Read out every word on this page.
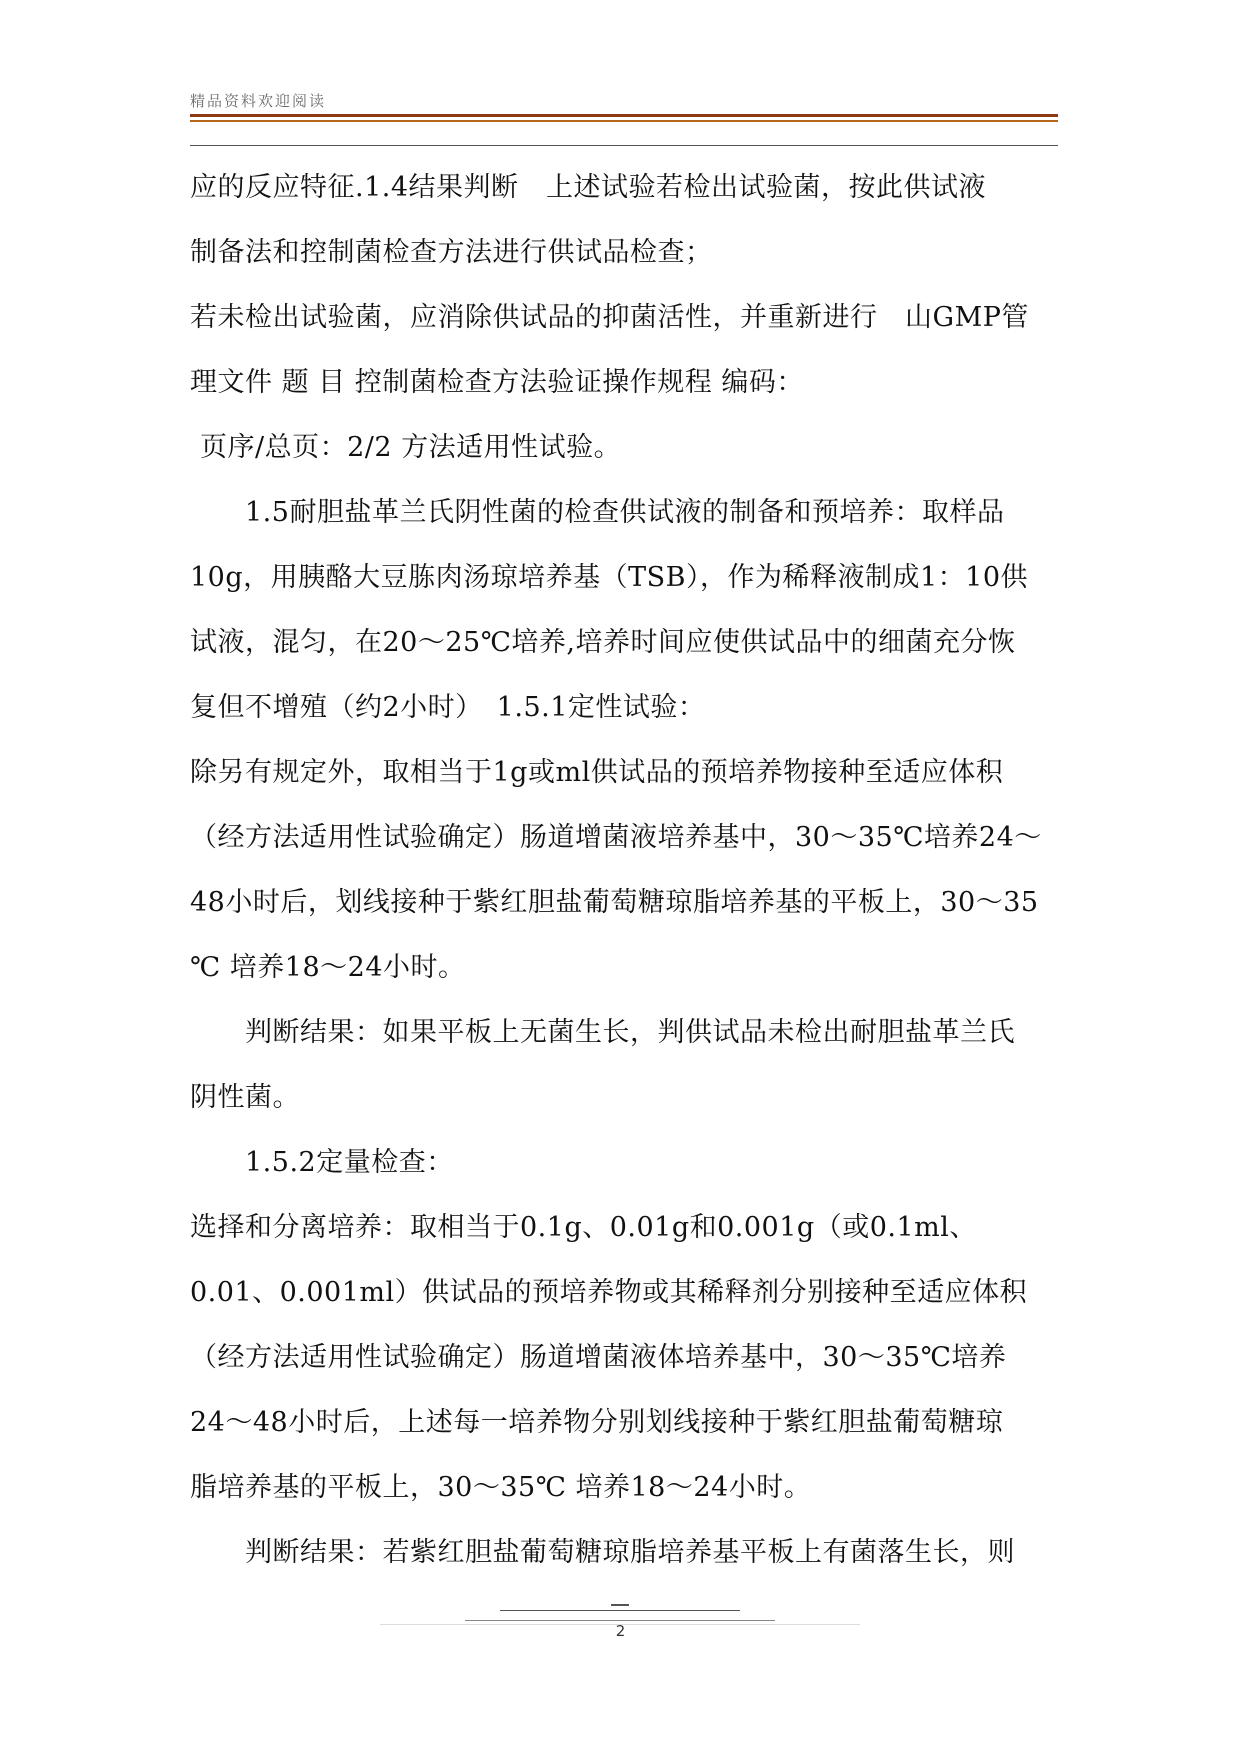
精品资料欢迎阅读
应的反应特征.1.4结果判断　上述试验若检出试验菌，按此供试液
制备法和控制菌检查方法进行供试品检查；
若未检出试验菌，应消除供试品的抑菌活性，并重新进行　山GMP管
理文件 题 目 控制菌检查方法验证操作规程 编码：
页序/总页：2/2 方法适用性试验。
1.5耐胆盐革兰氏阴性菌的检查供试液的制备和预培养：取样品
10g，用胰酪大豆胨肉汤琼培养基（TSB），作为稀释液制成1：10供
试液，混匀，在20～25℃培养,培养时间应使供试品中的细菌充分恢
复但不增殖（约2小时）　1.5.1定性试验：
除另有规定外，取相当于1g或ml供试品的预培养物接种至适应体积
（经方法适用性试验确定）肠道增菌液培养基中，30～35℃培养24～
48小时后，划线接种于紫红胆盐葡萄糖琼脂培养基的平板上，30～35
℃ 培养18～24小时。
判断结果：如果平板上无菌生长，判供试品未检出耐胆盐革兰氏
阴性菌。
1.5.2定量检查：
选择和分离培养：取相当于0.1g、0.01g和0.001g（或0.1ml、
0.01、0.001ml）供试品的预培养物或其稀释剂分别接种至适应体积
（经方法适用性试验确定）肠道增菌液体培养基中，30～35℃培养
24～48小时后，上述每一培养物分别划线接种于紫红胆盐葡萄糖琼
脂培养基的平板上，30～35℃ 培养18～24小时。
判断结果：若紫红胆盐葡萄糖琼脂培养基平板上有菌落生长，则
2
